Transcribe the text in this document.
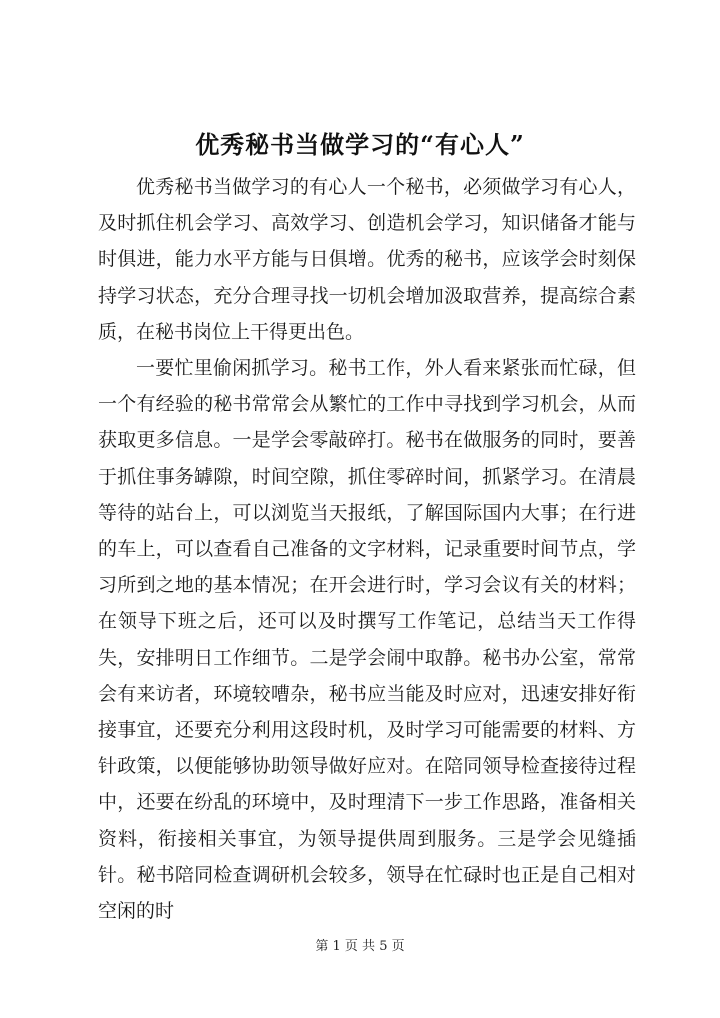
优秀秘书当做学习的“有心人”

优秀秘书当做学习的有心人一个秘书，必须做学习有心人，及时抓住机会学习、高效学习、创造机会学习，知识储备才能与时俱进，能力水平方能与日俱增。优秀的秘书，应该学会时刻保持学习状态，充分合理寻找一切机会增加汲取营养，提高综合素质，在秘书岗位上干得更出色。

一要忙里偷闲抓学习。秘书工作，外人看来紧张而忙碌，但一个有经验的秘书常常会从繁忙的工作中寻找到学习机会，从而获取更多信息。一是学会零敲碎打。秘书在做服务的同时，要善于抓住事务罅隙，时间空隙，抓住零碎时间，抓紧学习。在清晨等待的站台上，可以浏览当天报纸，了解国际国内大事；在行进的车上，可以查看自己准备的文字材料，记录重要时间节点，学习所到之地的基本情况；在开会进行时，学习会议有关的材料；在领导下班之后，还可以及时撰写工作笔记，总结当天工作得失，安排明日工作细节。二是学会闹中取静。秘书办公室，常常会有来访者，环境较嘈杂，秘书应当能及时应对，迅速安排好衔接事宜，还要充分利用这段时机，及时学习可能需要的材料、方针政策，以便能够协助领导做好应对。在陪同领导检查接待过程中，还要在纷乱的环境中，及时理清下一步工作思路，准备相关资料，衔接相关事宜，为领导提供周到服务。三是学会见缝插针。秘书陪同检查调研机会较多，领导在忙碌时也正是自己相对空闲的时

第 1 页 共 5 页
